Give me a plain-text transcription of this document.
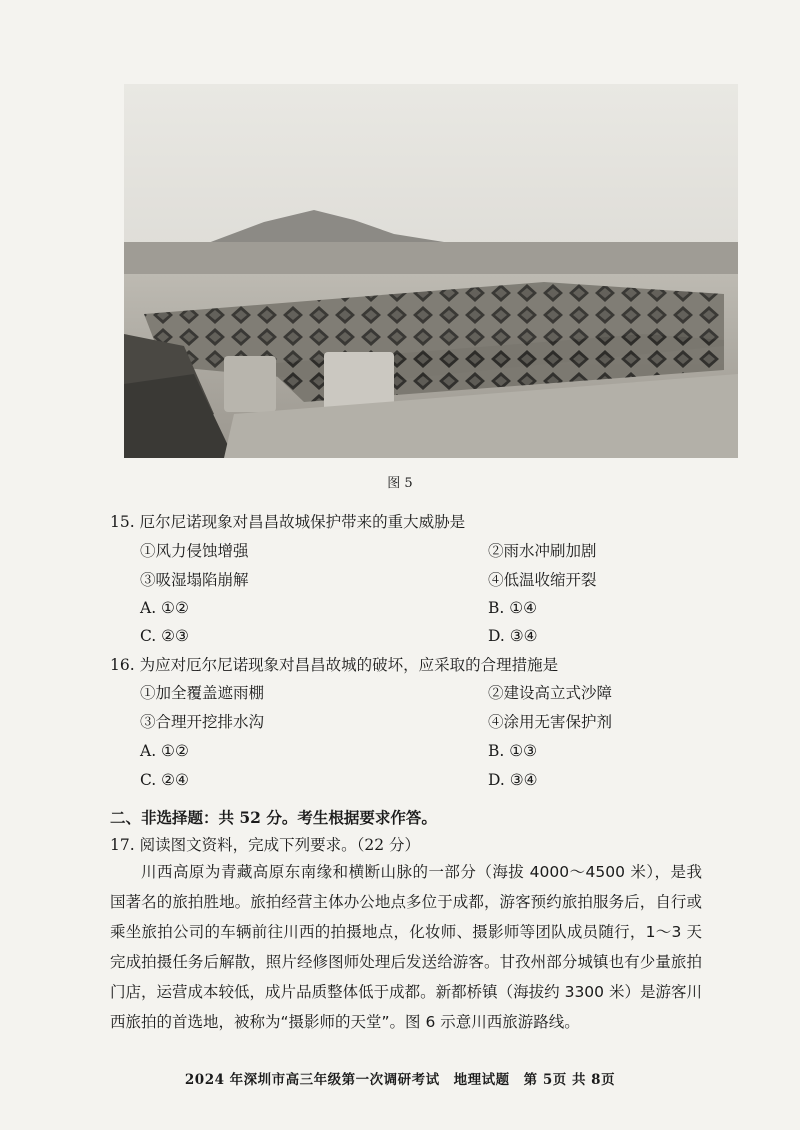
图 5
15. 厄尔尼诺现象对昌昌故城保护带来的重大威胁是
①风力侵蚀增强	②雨水冲刷加剧
③吸湿塌陷崩解	④低温收缩开裂
A. ①②	B. ①④
C. ②③	D. ③④
16. 为应对厄尔尼诺现象对昌昌故城的破坏，应采取的合理措施是
①加全覆盖遮雨棚	②建设高立式沙障
③合理开挖排水沟	④涂用无害保护剂
A. ①②	B. ①③
C. ②④	D. ③④
二、非选择题：共 52 分。考生根据要求作答。
17. 阅读图文资料，完成下列要求。（22 分）
川西高原为青藏高原东南缘和横断山脉的一部分（海拔 4000～4500 米），是我国著名的旅拍胜地。旅拍经营主体办公地点多位于成都，游客预约旅拍服务后，自行或乘坐旅拍公司的车辆前往川西的拍摄地点，化妆师、摄影师等团队成员随行，1～3 天完成拍摄任务后解散，照片经修图师处理后发送给游客。甘孜州部分城镇也有少量旅拍门店，运营成本较低，成片品质整体低于成都。新都桥镇（海拔约 3300 米）是游客川西旅拍的首选地，被称为“摄影师的天堂”。图 6 示意川西旅游路线。
2024 年深圳市高三年级第一次调研考试　地理试题　第 5页 共 8页
